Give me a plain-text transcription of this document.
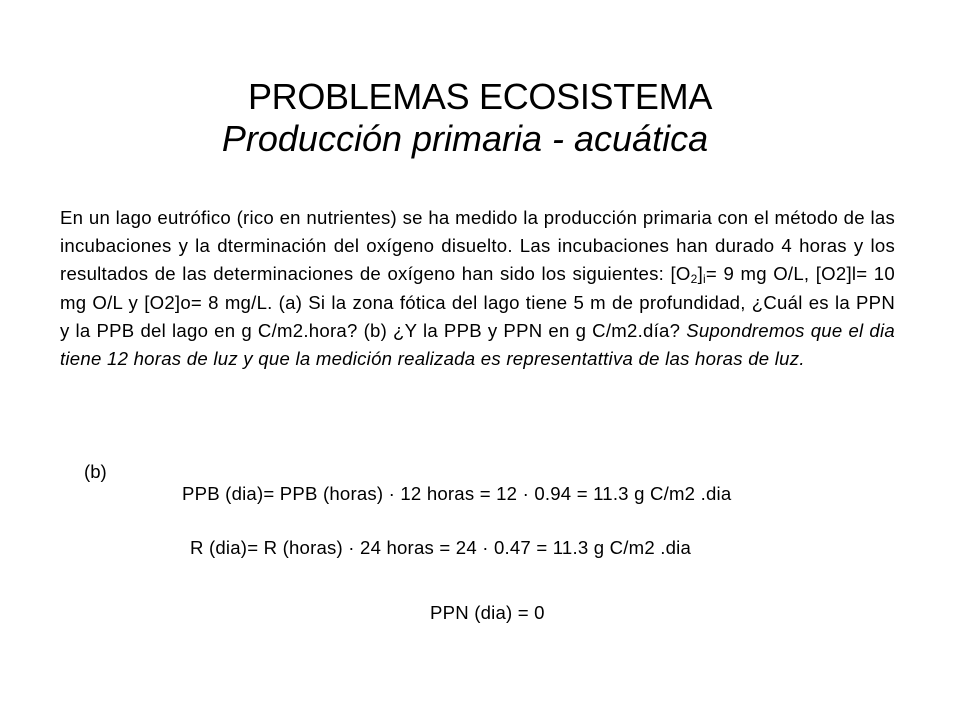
PROBLEMAS ECOSISTEMA
Producción primaria - acuática
En un lago eutrófico (rico en nutrientes) se ha medido la producción primaria con el método de las incubaciones y la dterminación del oxígeno disuelto. Las incubaciones han durado 4 horas y los resultados de las determinaciones de oxígeno han sido los siguientes: $[O_2]_i= 9$ mg O/L, [O2]l= 10 mg O/L y [O2]o= 8 mg/L. (a) Si la zona fótica del lago tiene 5 m de profundidad, ¿Cuál es la PPN y la PPB del lago en g C/m2.hora? (b) ¿Y la PPB y PPN en g C/m2.día? Supondremos que el dia tiene 12 horas de luz y que la medición realizada es representattiva de las horas de luz.
(b)
PPB (dia)= PPB (horas) · 12 horas = 12 · 0.94 = 11.3 g C/m2 .dia
R (dia)= R (horas) · 24 horas = 24 · 0.47 = 11.3 g C/m2 .dia
PPN (dia) = 0
